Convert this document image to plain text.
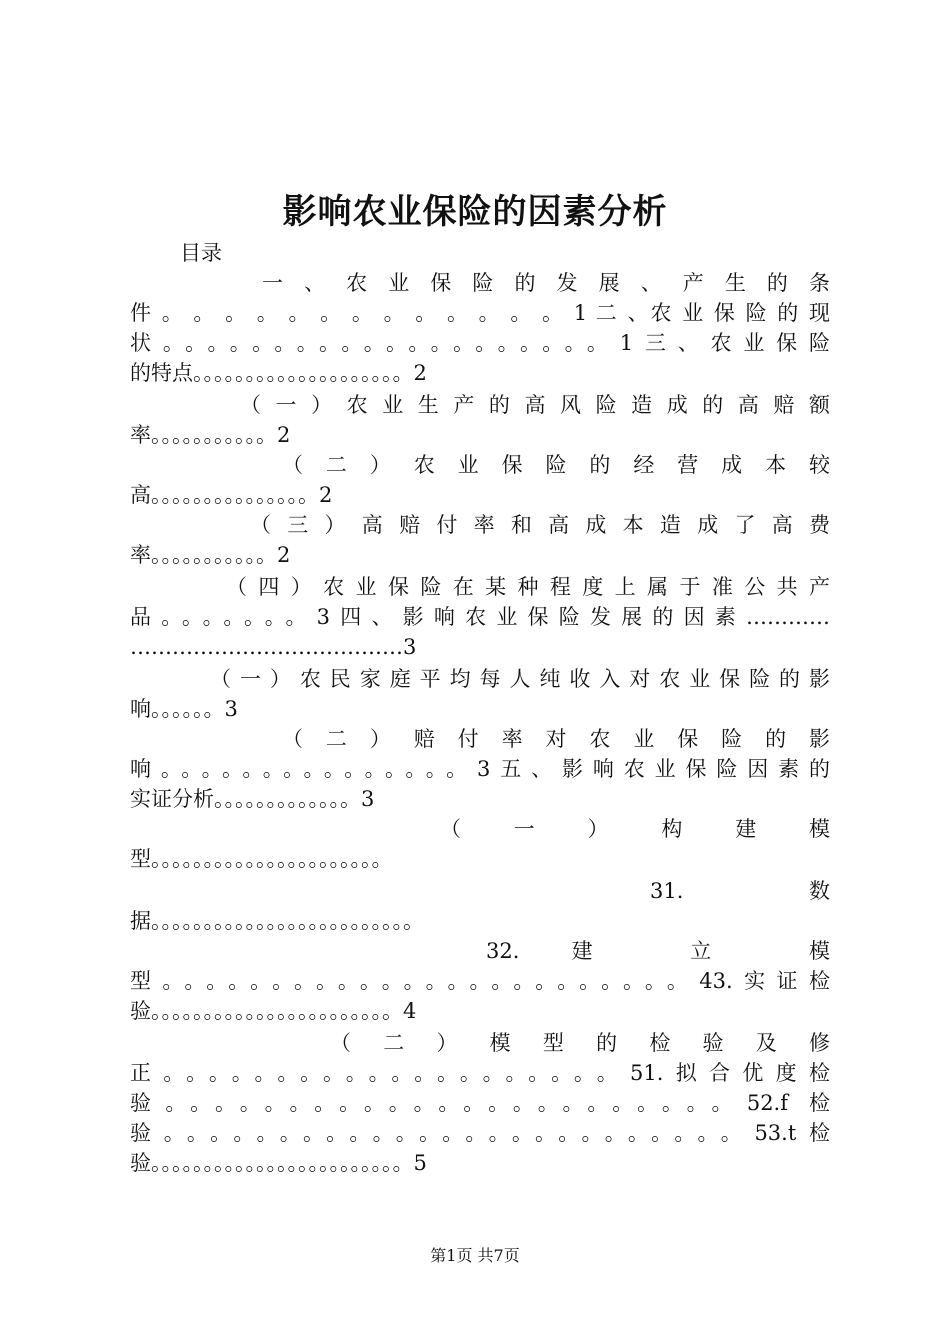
影响农业保险的因素分析
目录
一 、 农 业 保 险 的 发 展 、 产 生 的 条
件 。 。 。 。 。 。 。 。 。 。 。 。 。 1 二 、农 业 保 险 的 现
状。。。。。。。。。。。。。。。。。。。。1三、农业保险
的特点。。。。。。。。。。。。。。。。。。。。2
（ 一 ） 农 业 生 产 的 高 风 险 造 成 的 高 赔 额
率。。。。。。。。。。。2
（ 二 ） 农 业 保 险 的 经 营 成 本 较
高。。。。。。。。。。。。。。。2
（ 三 ） 高 赔 付 率 和 高 成 本 造 成 了 高 费
率。。。。。。。。。。。2
（四）农业保险在某种程度上属于准公共产
品。。。。。。。3四、影响农业保险发展的因素…………
…………………………………3
（一）农民家庭平均每人纯收入对农业保险的影
响。。。。。。3
（ 二 ） 赔 付 率 对 农 业 保 险 的 影
响。。。。。。。。。。。。。。。3五、影响农业保险因素的
实证分析。。。。。。。。。。。。。3
（ 一 ） 构 建 模
型。。。。。。。。。。。。。。。。。。。。。。
31. 数
据。。。。。。。。。。。。。。。。。。。。。。。。。
32. 建 立 模
型。。。。。。。。。。。。。。。。。。。。。。。。43.实证检
验。。。。。。。。。。。。。。。。。。。。。。。4
（ 二 ） 模 型 的 检 验 及 修
正。。。。。。。。。。。。。。。。。。。。51.拟合优度检
验。。。。。。。。。。。。。。。。。。。。。。。52.f 检
验。。。。。。。。。。。。。。。。。。。。。。。。。53.t检
验。。。。。。。。。。。。。。。。。。。。。。。。5
第1页 共7页
